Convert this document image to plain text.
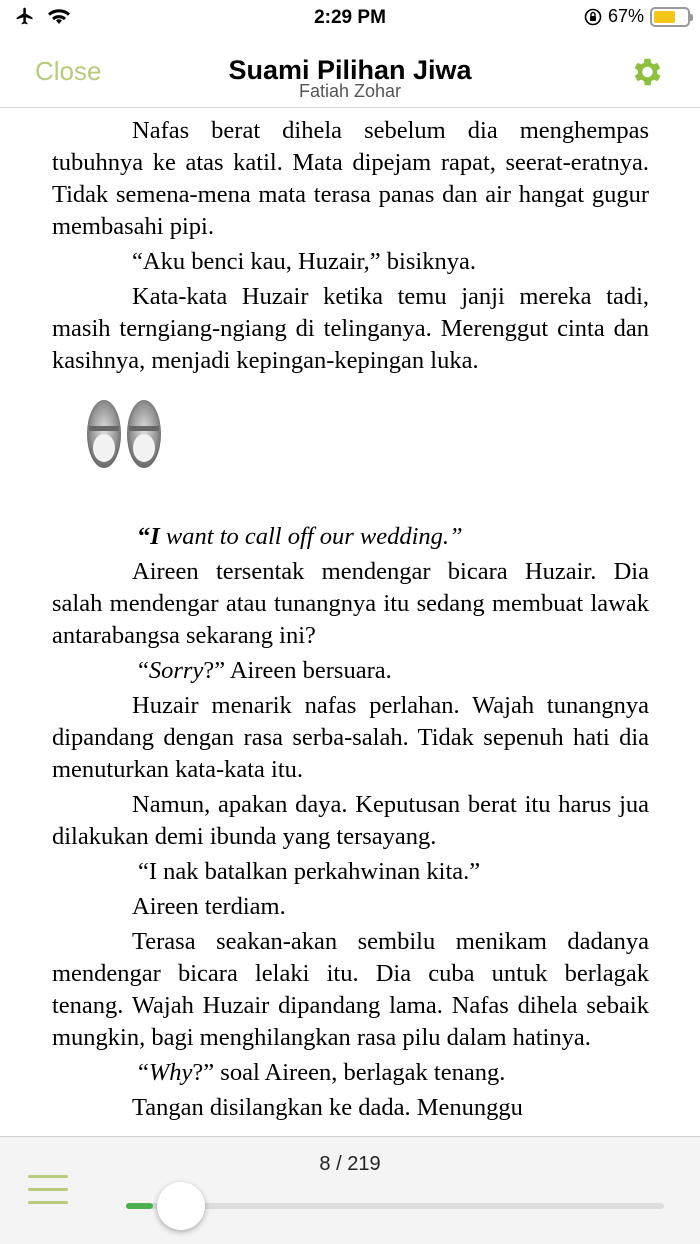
2:29 PM	67%
Close	Suami Pilihan Jiwa
Fatiah Zohar

Nafas berat dihela sebelum dia menghempas tubuhnya ke atas katil. Mata dipejam rapat, seerat-eratnya. Tidak semena-mena mata terasa panas dan air hangat gugur membasahi pipi.

“Aku benci kau, Huzair,” bisiknya.

Kata-kata Huzair ketika temu janji mereka tadi, masih terngiang-ngiang di telinganya. Merenggut cinta dan kasihnya, menjadi kepingan-kepingan luka.

“I want to call off our wedding.”

Aireen tersentak mendengar bicara Huzair. Dia salah mendengar atau tunangnya itu sedang membuat lawak antarabangsa sekarang ini?

“Sorry?” Aireen bersuara.

Huzair menarik nafas perlahan. Wajah tunangnya dipandang dengan rasa serba-salah. Tidak sepenuh hati dia menuturkan kata-kata itu.

Namun, apakan daya. Keputusan berat itu harus jua dilakukan demi ibunda yang tersayang.

“I nak batalkan perkahwinan kita.”

Aireen terdiam.

Terasa seakan-akan sembilu menikam dadanya mendengar bicara lelaki itu. Dia cuba untuk berlagak tenang. Wajah Huzair dipandang lama. Nafas dihela sebaik mungkin, bagi menghilangkan rasa pilu dalam hatinya.

“Why?” soal Aireen, berlagak tenang.

Tangan disilangkan ke dada. Menunggu

8 / 219
